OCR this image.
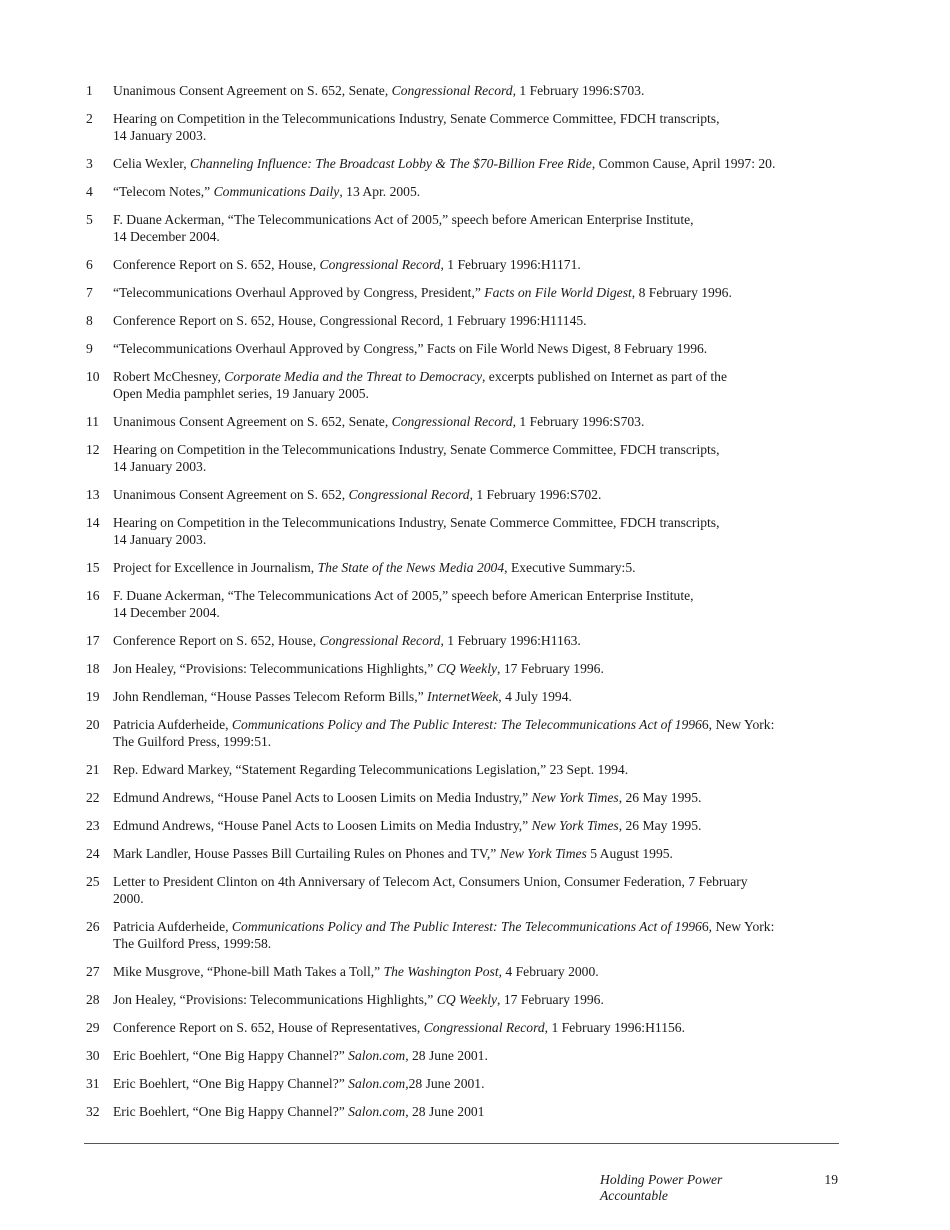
1	Unanimous Consent Agreement on S. 652, Senate, Congressional Record, 1 February 1996:S703.
2	Hearing on Competition in the Telecommunications Industry, Senate Commerce Committee, FDCH transcripts,
14 January 2003.
3	Celia Wexler, Channeling Influence: The Broadcast Lobby & The $70-Billion Free Ride, Common Cause, April 1997: 20.
4	“Telecom Notes,” Communications Daily, 13 Apr. 2005.
5	F. Duane Ackerman, “The Telecommunications Act of 2005,” speech before American Enterprise Institute,
14 December 2004.
6	Conference Report on S. 652, House, Congressional Record, 1 February 1996:H1171.
7	“Telecommunications Overhaul Approved by Congress, President,” Facts on File World Digest, 8 February 1996.
8	Conference Report on S. 652, House, Congressional Record, 1 February 1996:H11145.
9	“Telecommunications Overhaul Approved by Congress,” Facts on File World News Digest, 8 February 1996.
10 Robert McChesney, Corporate Media and the Threat to Democracy, excerpts published on Internet as part of the
Open Media pamphlet series, 19 January 2005.
11	Unanimous Consent Agreement on S. 652, Senate, Congressional Record, 1 February 1996:S703.
12 Hearing on Competition in the Telecommunications Industry, Senate Commerce Committee, FDCH transcripts,
14 January 2003.
13 Unanimous Consent Agreement on S. 652, Congressional Record, 1 February 1996:S702.
14 Hearing on Competition in the Telecommunications Industry, Senate Commerce Committee, FDCH transcripts,
14 January 2003.
15 Project for Excellence in Journalism, The State of the News Media 2004, Executive Summary:5.
16 F. Duane Ackerman, “The Telecommunications Act of 2005,” speech before American Enterprise Institute,
14 December 2004.
17 Conference Report on S. 652, House, Congressional Record, 1 February 1996:H1163.
18 Jon Healey, “Provisions: Telecommunications Highlights,” CQ Weekly, 17 February 1996.
19 John Rendleman, “House Passes Telecom Reform Bills,” InternetWeek, 4 July 1994.
20 Patricia Aufderheide, Communications Policy and The Public Interest: The Telecommunications Act of 19966, New York:
The Guilford Press, 1999:51.
21 Rep. Edward Markey, “Statement Regarding Telecommunications Legislation,” 23 Sept. 1994.
22 Edmund Andrews, “House Panel Acts to Loosen Limits on Media Industry,” New York Times, 26 May 1995.
23 Edmund Andrews, “House Panel Acts to Loosen Limits on Media Industry,” New York Times, 26 May 1995.
24 Mark Landler, House Passes Bill Curtailing Rules on Phones and TV,” New York Times 5 August 1995.
25 Letter to President Clinton on 4th Anniversary of Telecom Act, Consumers Union, Consumer Federation, 7 February
2000.
26 Patricia Aufderheide, Communications Policy and The Public Interest: The Telecommunications Act of 19966, New York:
The Guilford Press, 1999:58.
27 Mike Musgrove, “Phone-bill Math Takes a Toll,” The Washington Post, 4 February 2000.
28 Jon Healey, “Provisions: Telecommunications Highlights,” CQ Weekly, 17 February 1996.
29 Conference Report on S. 652, House of Representatives, Congressional Record, 1 February 1996:H1156.
30 Eric Boehlert, “One Big Happy Channel?” Salon.com, 28 June 2001.
31 Eric Boehlert, “One Big Happy Channel?” Salon.com,28 June 2001.
32 Eric Boehlert, “One Big Happy Channel?” Salon.com, 28 June 2001
Holding Power Power Accountable
19
